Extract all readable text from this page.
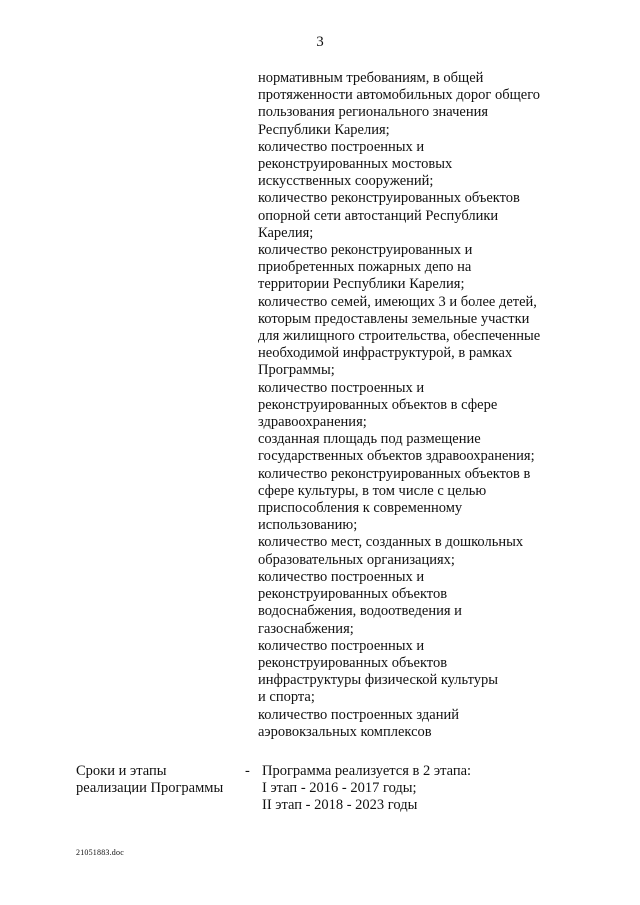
3
нормативным требованиям, в общей
протяженности автомобильных дорог общего
пользования регионального значения
Республики Карелия;
количество построенных и
реконструированных мостовых
искусственных сооружений;
количество реконструированных объектов
опорной сети автостанций Республики
Карелия;
количество реконструированных и
приобретенных пожарных депо на
территории Республики Карелия;
количество семей, имеющих 3 и более детей,
которым предоставлены земельные участки
для жилищного строительства, обеспеченные
необходимой инфраструктурой, в рамках
Программы;
количество построенных и
реконструированных объектов в сфере
здравоохранения;
созданная площадь под размещение
государственных объектов здравоохранения;
количество реконструированных объектов в
сфере культуры, в том числе с целью
приспособления к современному
использованию;
количество мест, созданных в дошкольных
образовательных организациях;
количество построенных и
реконструированных объектов
водоснабжения, водоотведения и
газоснабжения;
количество построенных и
реконструированных объектов
инфраструктуры физической культуры
и спорта;
количество построенных зданий
аэровокзальных комплексов
Сроки и этапы
реализации Программы
- Программа реализуется в 2 этапа:
I этап - 2016 - 2017 годы;
II этап - 2018 - 2023 годы
2105188З.doc
